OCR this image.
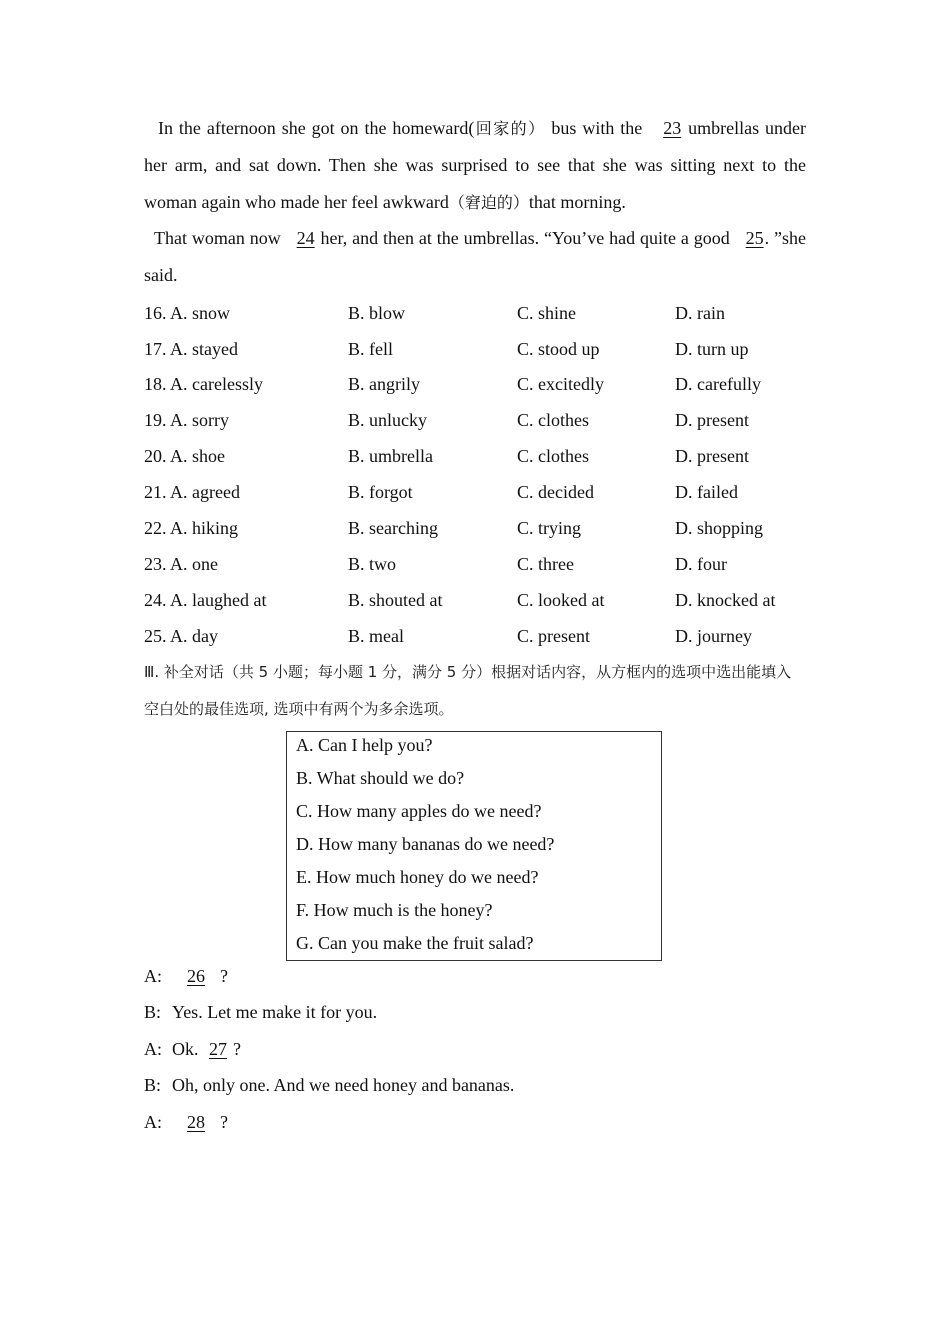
In the afternoon she got on the homeward(回家的） bus with the 23 umbrellas under her arm, and sat down. Then she was surprised to see that she was sitting next to the woman again who made her feel awkward（窘迫的）that morning.
That woman now 24 her, and then at the umbrellas. “You’ve had quite a good 25. ”she said.
16. A. snow	B. blow	C. shine	D. rain
17. A. stayed	B. fell	C. stood up	D. turn up
18. A. carelessly	B. angrily	C. excitedly	D. carefully
19. A. sorry	B. unlucky	C. clothes	D. present
20. A. shoe	B. umbrella	C. clothes	D. present
21. A. agreed	B. forgot	C. decided	D. failed
22. A. hiking	B. searching	C. trying	D. shopping
23. A. one	B. two	C. three	D. four
24. A. laughed at	B. shouted at	C. looked at	D. knocked at
25. A. day	B. meal	C. present	D. journey
Ⅲ. 补全对话（共 5 小题；每小题 1 分，满分 5 分）根据对话内容，从方框内的选项中选出能填入空白处的最佳选项, 选项中有两个为多余选项。
A. Can I help you?
B. What should we do?
C. How many apples do we need?
D. How many bananas do we need?
E. How much honey do we need?
F. How much is the honey?
G. Can you make the fruit salad?
A: 26 ?
B: Yes. Let me make it for you.
A: Ok. 27 ?
B: Oh, only one. And we need honey and bananas.
A: 28 ?
